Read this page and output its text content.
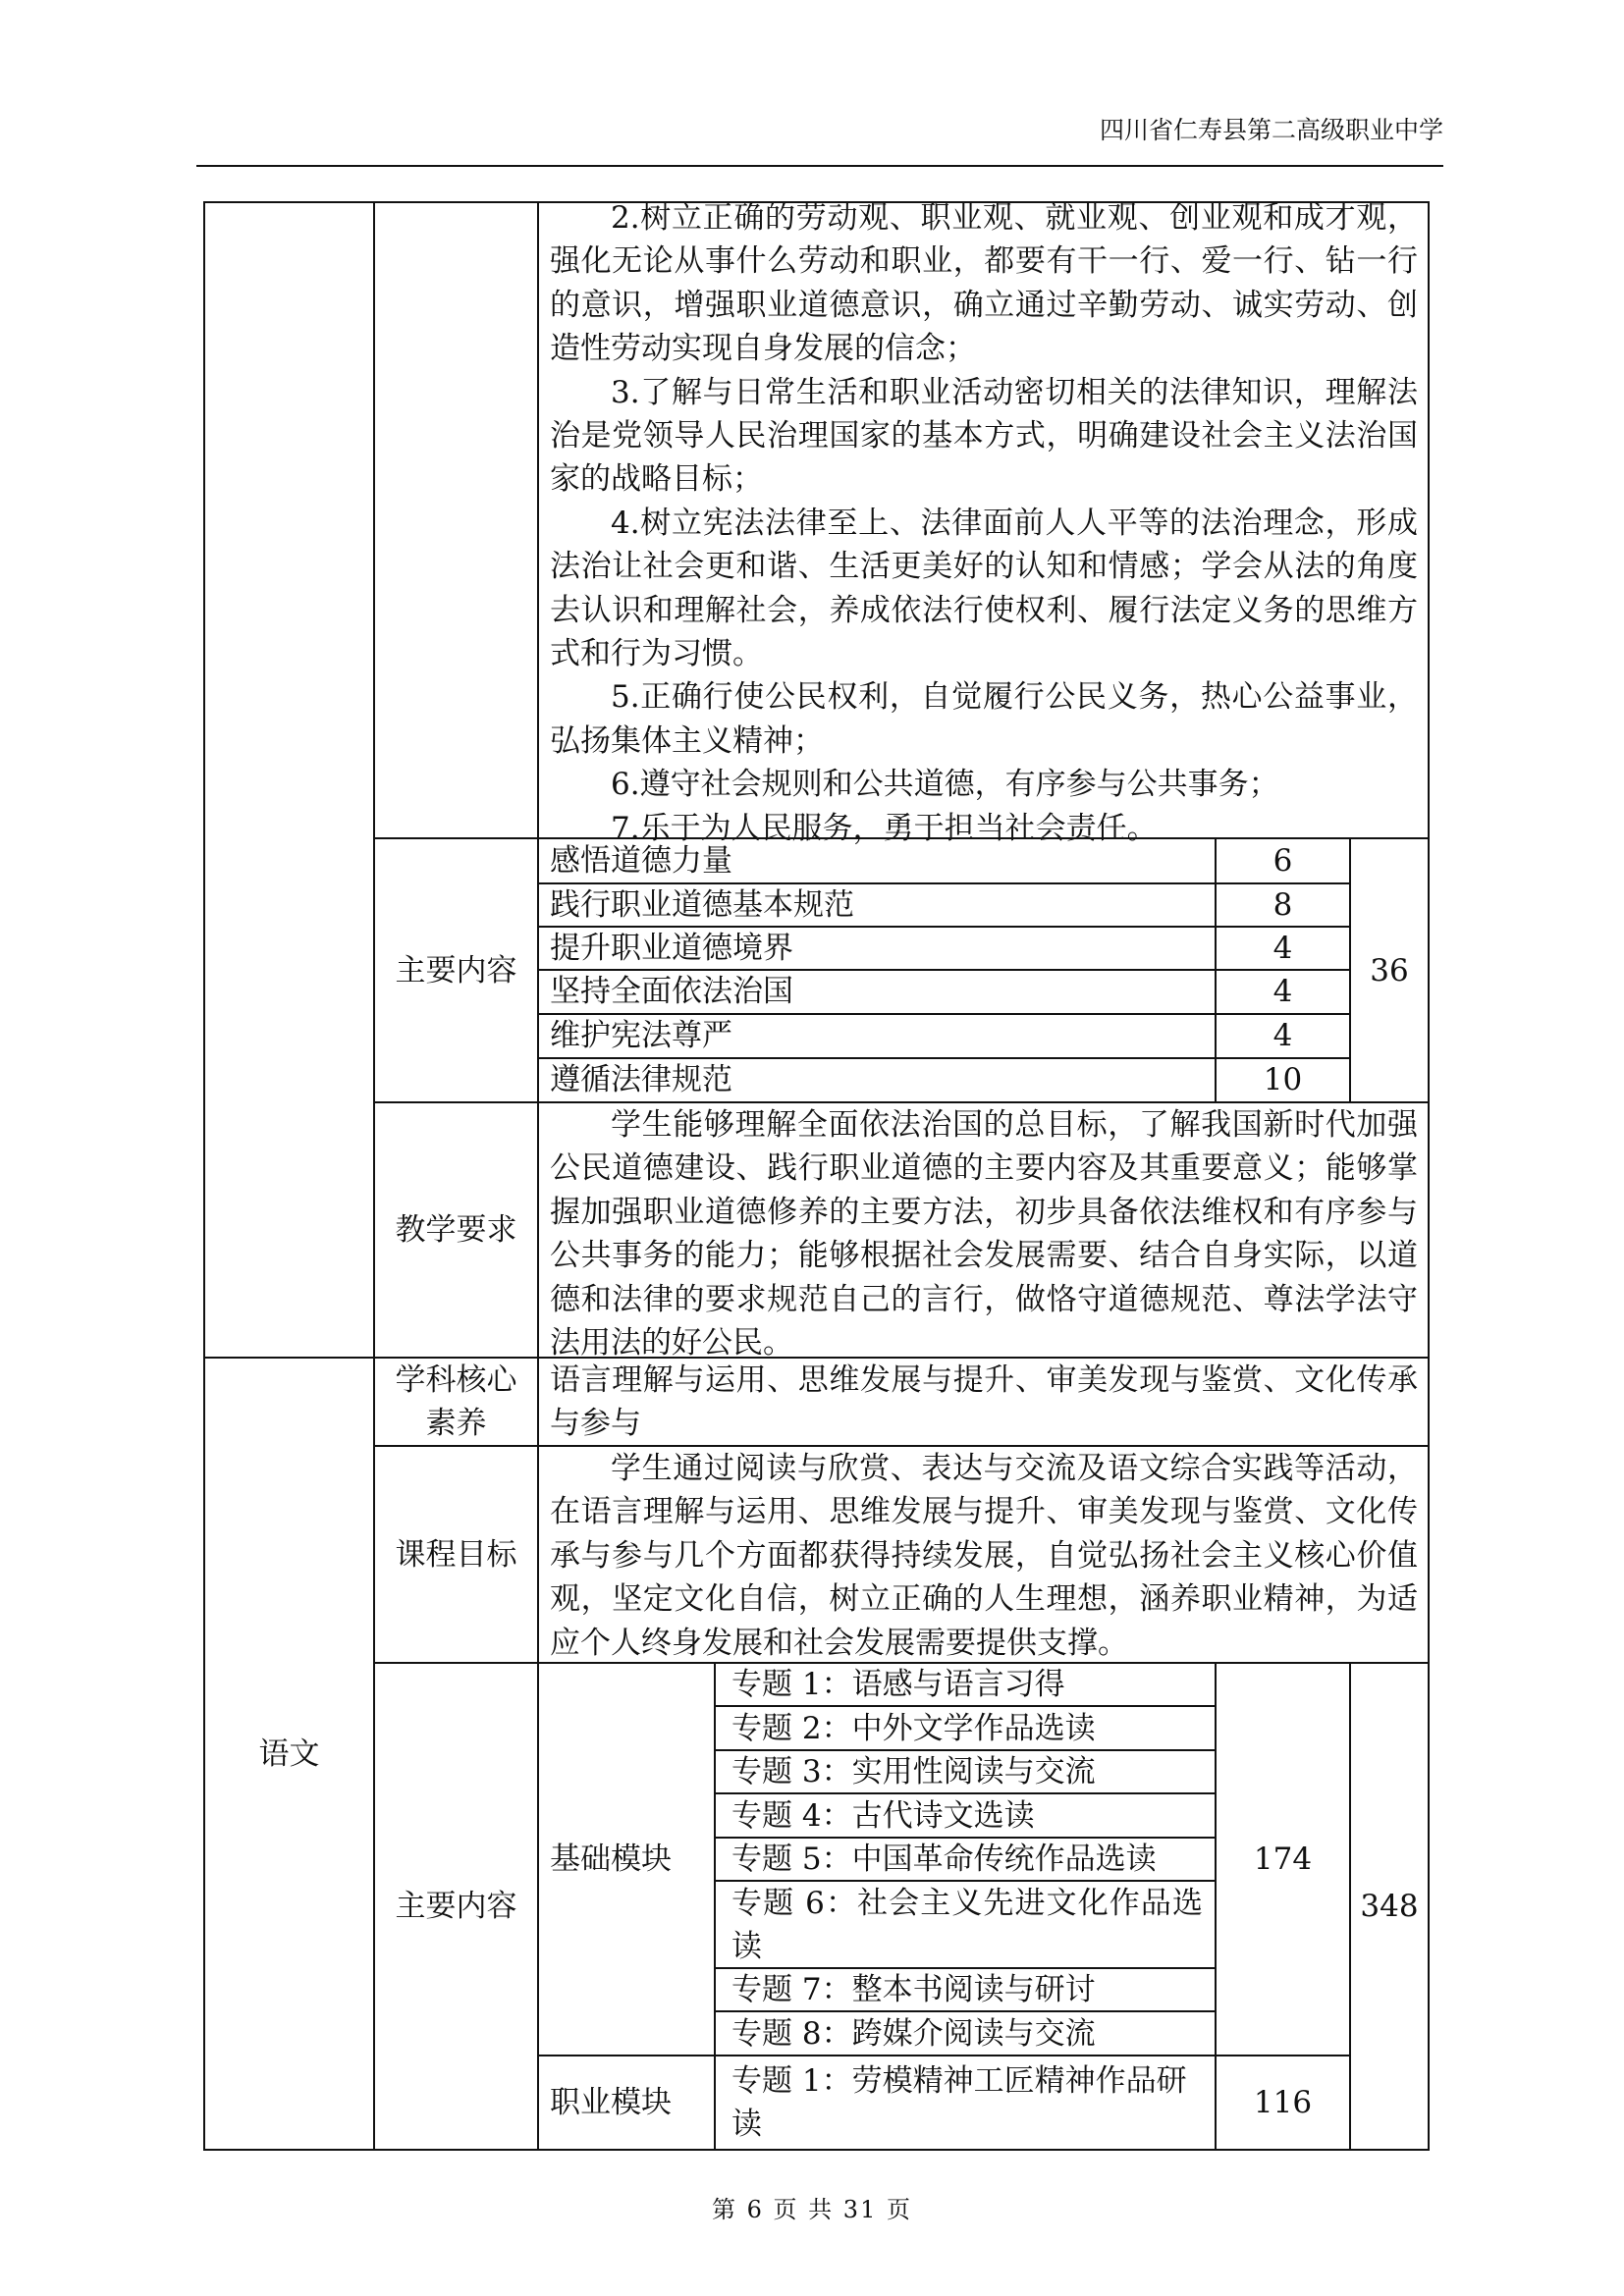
四川省仁寿县第二高级职业中学

2.树立正确的劳动观、职业观、就业观、创业观和成才观，强化无论从事什么劳动和职业，都要有干一行、爱一行、钻一行的意识，增强职业道德意识，确立通过辛勤劳动、诚实劳动、创造性劳动实现自身发展的信念；

3.了解与日常生活和职业活动密切相关的法律知识，理解法治是党领导人民治理国家的基本方式，明确建设社会主义法治国家的战略目标；

4.树立宪法法律至上、法律面前人人平等的法治理念，形成法治让社会更和谐、生活更美好的认知和情感；学会从法的角度去认识和理解社会，养成依法行使权利、履行法定义务的思维方式和行为习惯。

5.正确行使公民权利，自觉履行公民义务，热心公益事业，弘扬集体主义精神；

6.遵守社会规则和公共道德，有序参与公共事务；

7.乐于为人民服务，勇于担当社会责任。

主要内容
感悟道德力量
践行职业道德基本规范
提升职业道德境界
坚持全面依法治国
维护宪法尊严
遵循法律规范
6
8
4
4
4
10
36
教学要求

学生能够理解全面依法治国的总目标，了解我国新时代加强公民道德建设、践行职业道德的主要内容及其重要意义；能够掌握加强职业道德修养的主要方法，初步具备依法维权和有序参与公共事务的能力；能够根据社会发展需要、结合自身实际，以道德和法律的要求规范自己的言行，做恪守道德规范、尊法学法守法用法的好公民。

语文
学科核心
素养

语言理解与运用、思维发展与提升、审美发现与鉴赏、文化传承与参与

课程目标

学生通过阅读与欣赏、表达与交流及语文综合实践等活动，在语言理解与运用、思维发展与提升、审美发现与鉴赏、文化传承与参与几个方面都获得持续发展，自觉弘扬社会主义核心价值观，坚定文化自信，树立正确的人生理想，涵养职业精神，为适应个人终身发展和社会发展需要提供支撑。

主要内容
基础模块
专题 1：语感与语言习得
专题 2：中外文学作品选读
专题 3：实用性阅读与交流
专题 4：古代诗文选读
专题 5：中国革命传统作品选读
专题 6：社会主义先进文化作品选读
专题 7：整本书阅读与研讨
专题 8：跨媒介阅读与交流
174
职业模块
专题 1：劳模精神工匠精神作品研读
116
348
第 6 页 共 31 页
